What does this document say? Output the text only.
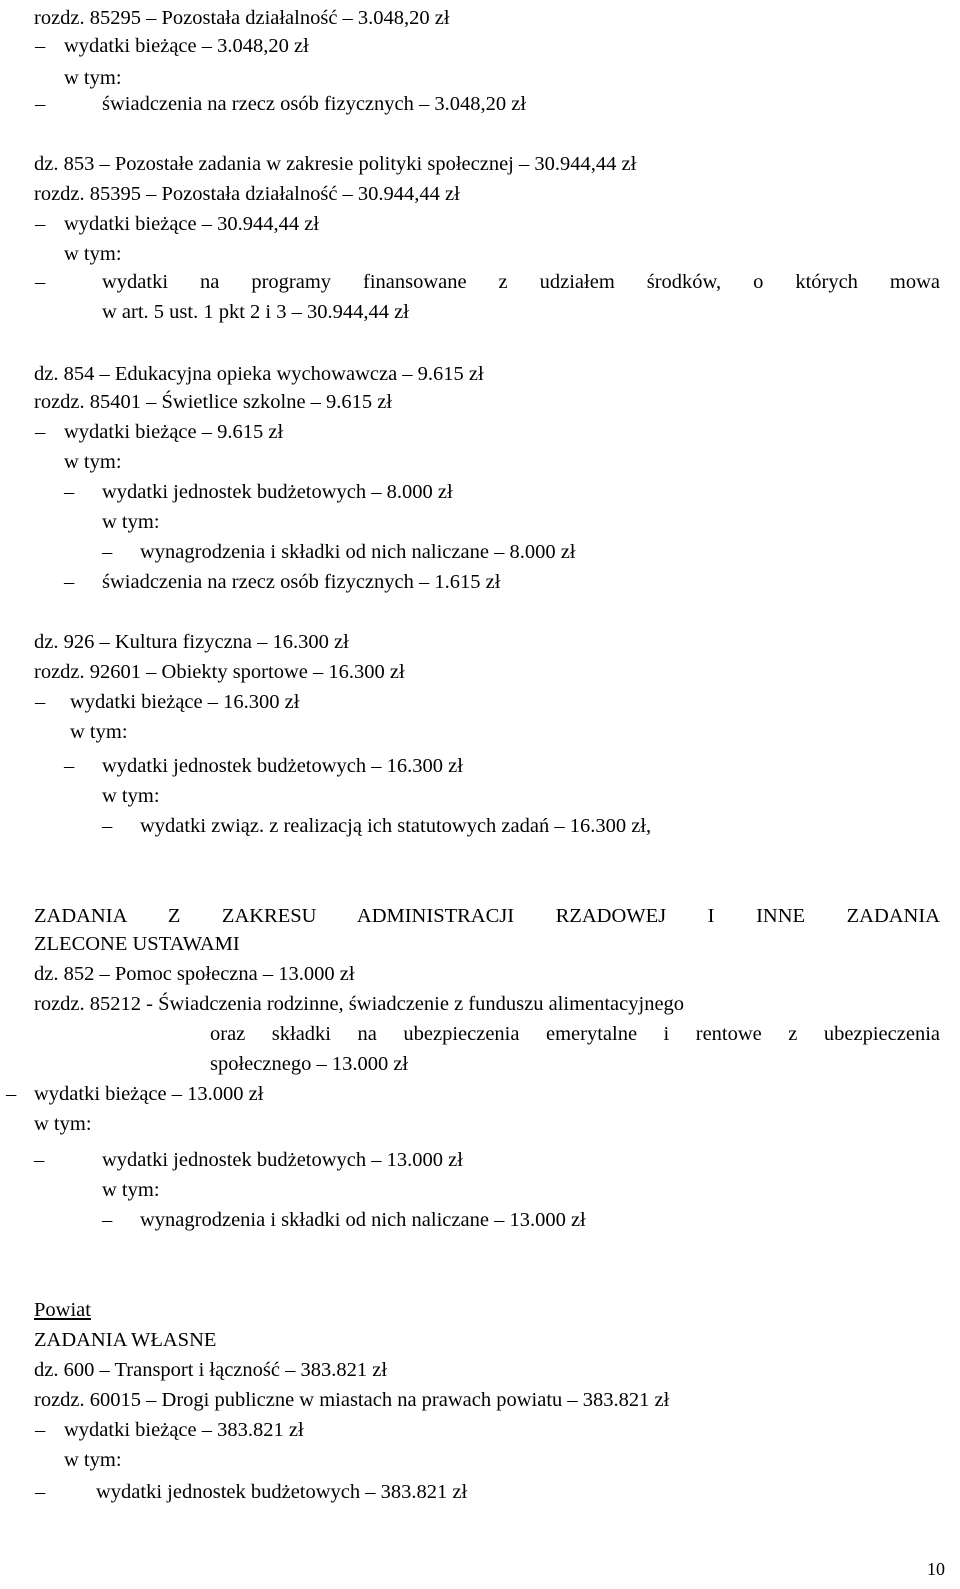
rozdz. 85295 – Pozostała działalność – 3.048,20 zł
– wydatki bieżące – 3.048,20 zł
w tym:
–	świadczenia na rzecz osób fizycznych – 3.048,20 zł
dz. 853 – Pozostałe zadania w zakresie polityki społecznej – 30.944,44 zł
rozdz. 85395 – Pozostała działalność – 30.944,44 zł
– wydatki bieżące – 30.944,44 zł
w tym:
–	wydatki na programy finansowane z udziałem środków, o których mowa
w art. 5 ust. 1 pkt 2 i 3 – 30.944,44 zł
dz. 854 – Edukacyjna opieka wychowawcza – 9.615 zł
rozdz. 85401 – Świetlice szkolne – 9.615 zł
– wydatki bieżące – 9.615 zł
w tym:
– wydatki jednostek budżetowych – 8.000 zł
w tym:
– wynagrodzenia i składki od nich naliczane – 8.000 zł
– świadczenia na rzecz osób fizycznych – 1.615 zł
dz. 926 – Kultura fizyczna – 16.300 zł
rozdz. 92601 – Obiekty sportowe – 16.300 zł
– wydatki bieżące – 16.300 zł
w tym:
– wydatki jednostek budżetowych – 16.300 zł
w tym:
– wydatki związ. z realizacją ich statutowych zadań – 16.300 zł,
ZADANIA Z ZAKRESU ADMINISTRACJI RZADOWEJ I INNE ZADANIA
ZLECONE USTAWAMI
dz. 852 – Pomoc społeczna – 13.000 zł
rozdz. 85212 - Świadczenia rodzinne, świadczenie z funduszu alimentacyjnego
oraz składki na ubezpieczenia emerytalne i rentowe z ubezpieczenia
społecznego – 13.000 zł
– wydatki bieżące – 13.000 zł
w tym:
–	wydatki jednostek budżetowych – 13.000 zł
w tym:
– wynagrodzenia i składki od nich naliczane – 13.000 zł
Powiat
ZADANIA WŁASNE
dz. 600 – Transport i łączność – 383.821 zł
rozdz. 60015 – Drogi publiczne w miastach na prawach powiatu – 383.821 zł
– wydatki bieżące – 383.821 zł
w tym:
– wydatki jednostek budżetowych – 383.821 zł
10
